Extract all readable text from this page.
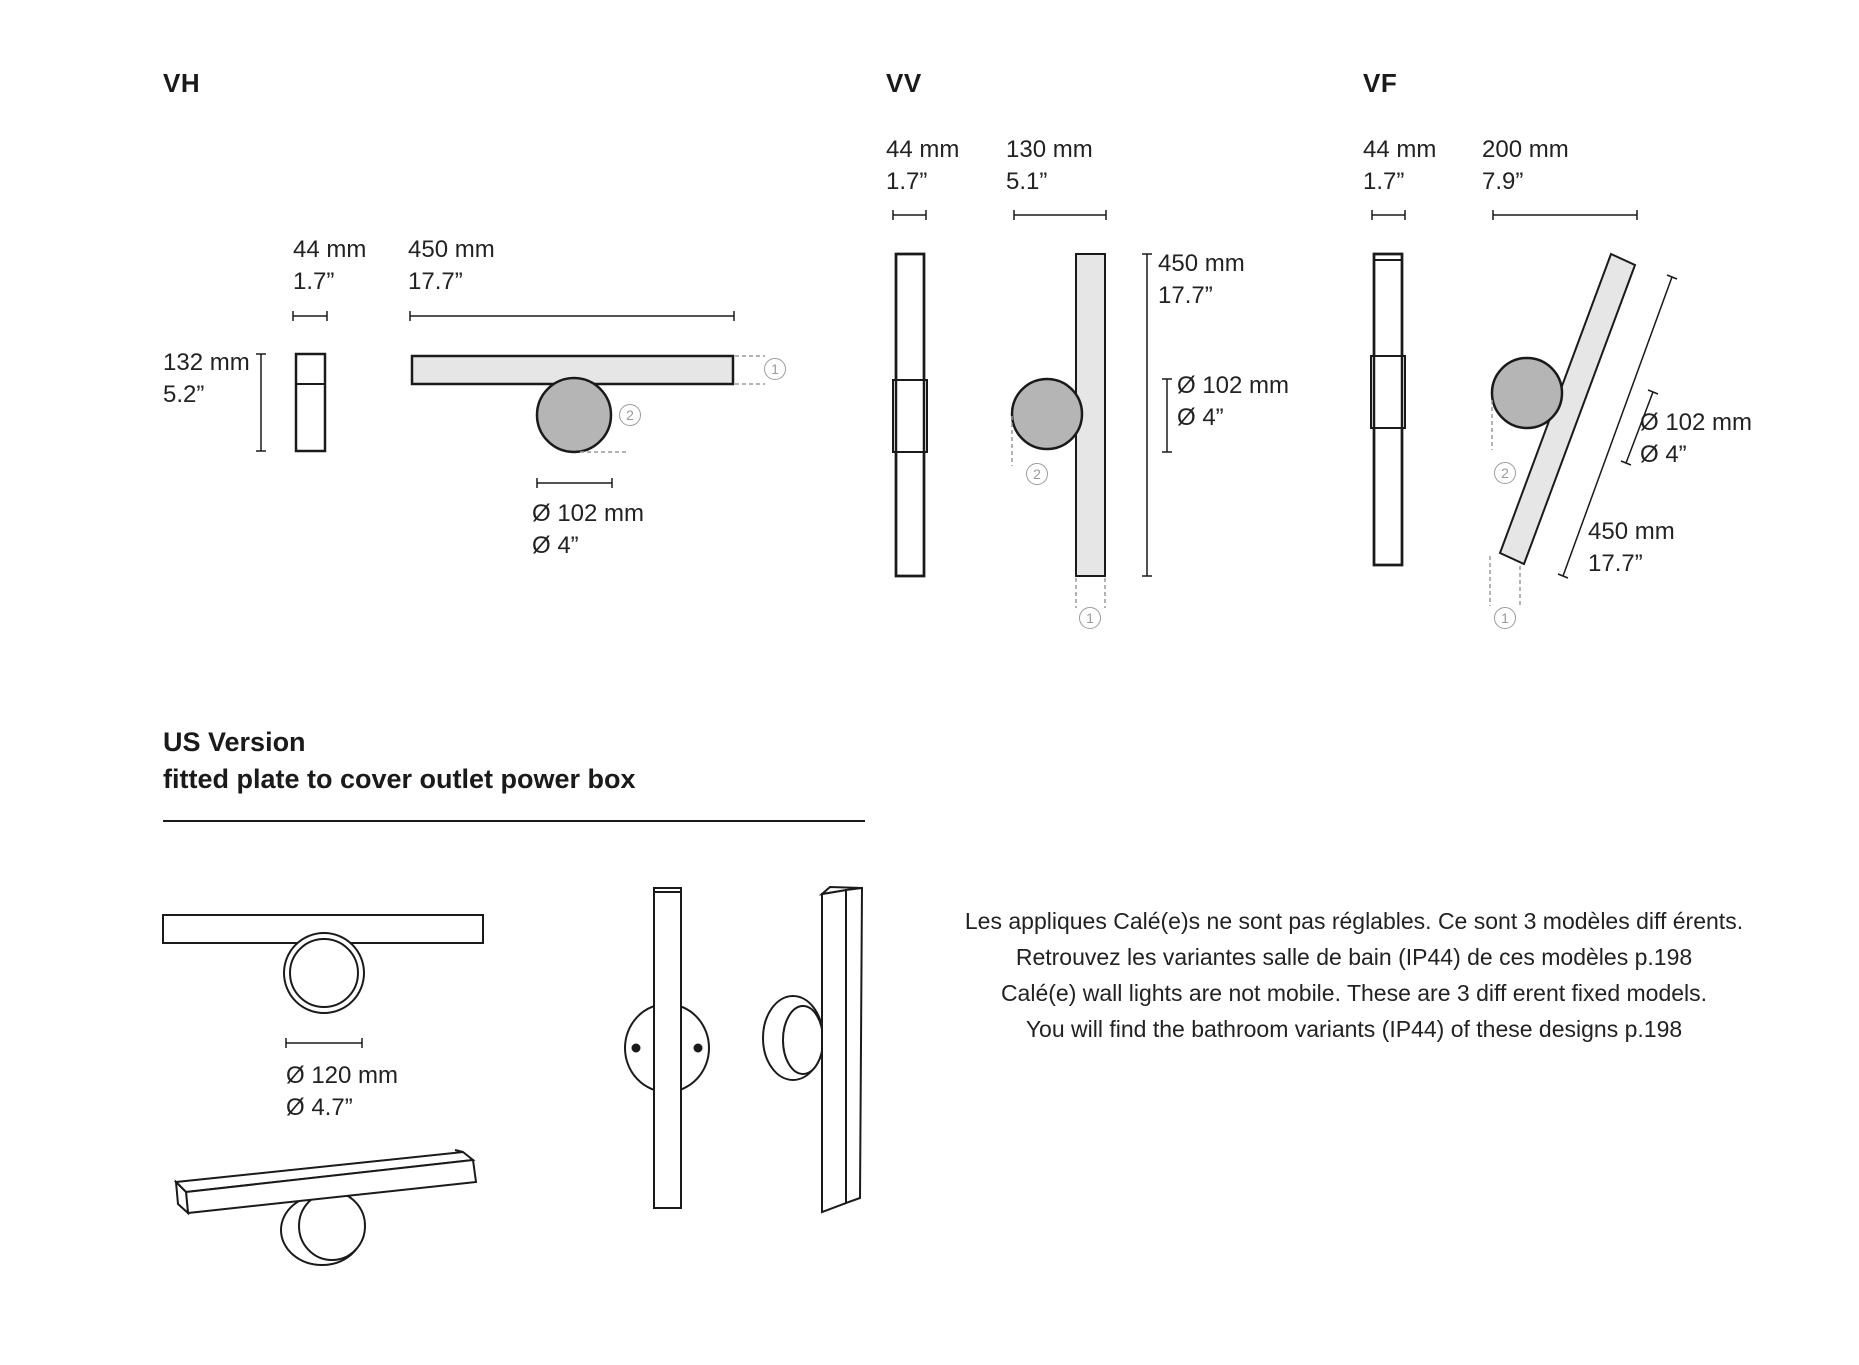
VH	VV	VF
44 mm
1.7”
450 mm
17.7”
132 mm
5.2”
Ø 102 mm
Ø 4”
44 mm
1.7”
130 mm
5.1”
450 mm
17.7”
Ø 102 mm
Ø 4”
44 mm
1.7”
200 mm
7.9”
450 mm
17.7”
Ø 102 mm
Ø 4”
1
2
1
2
1
2
US Version
fitted plate to cover outlet power box
Ø 120 mm
Ø 4.7”
Les appliques Calé(e)s ne sont pas réglables. Ce sont 3 modèles diff érents.
Retrouvez les variantes salle de bain (IP44) de ces modèles p.198
Calé(e) wall lights are not mobile. These are 3 diff erent fixed models.
You will find the bathroom variants (IP44) of these designs p.198
